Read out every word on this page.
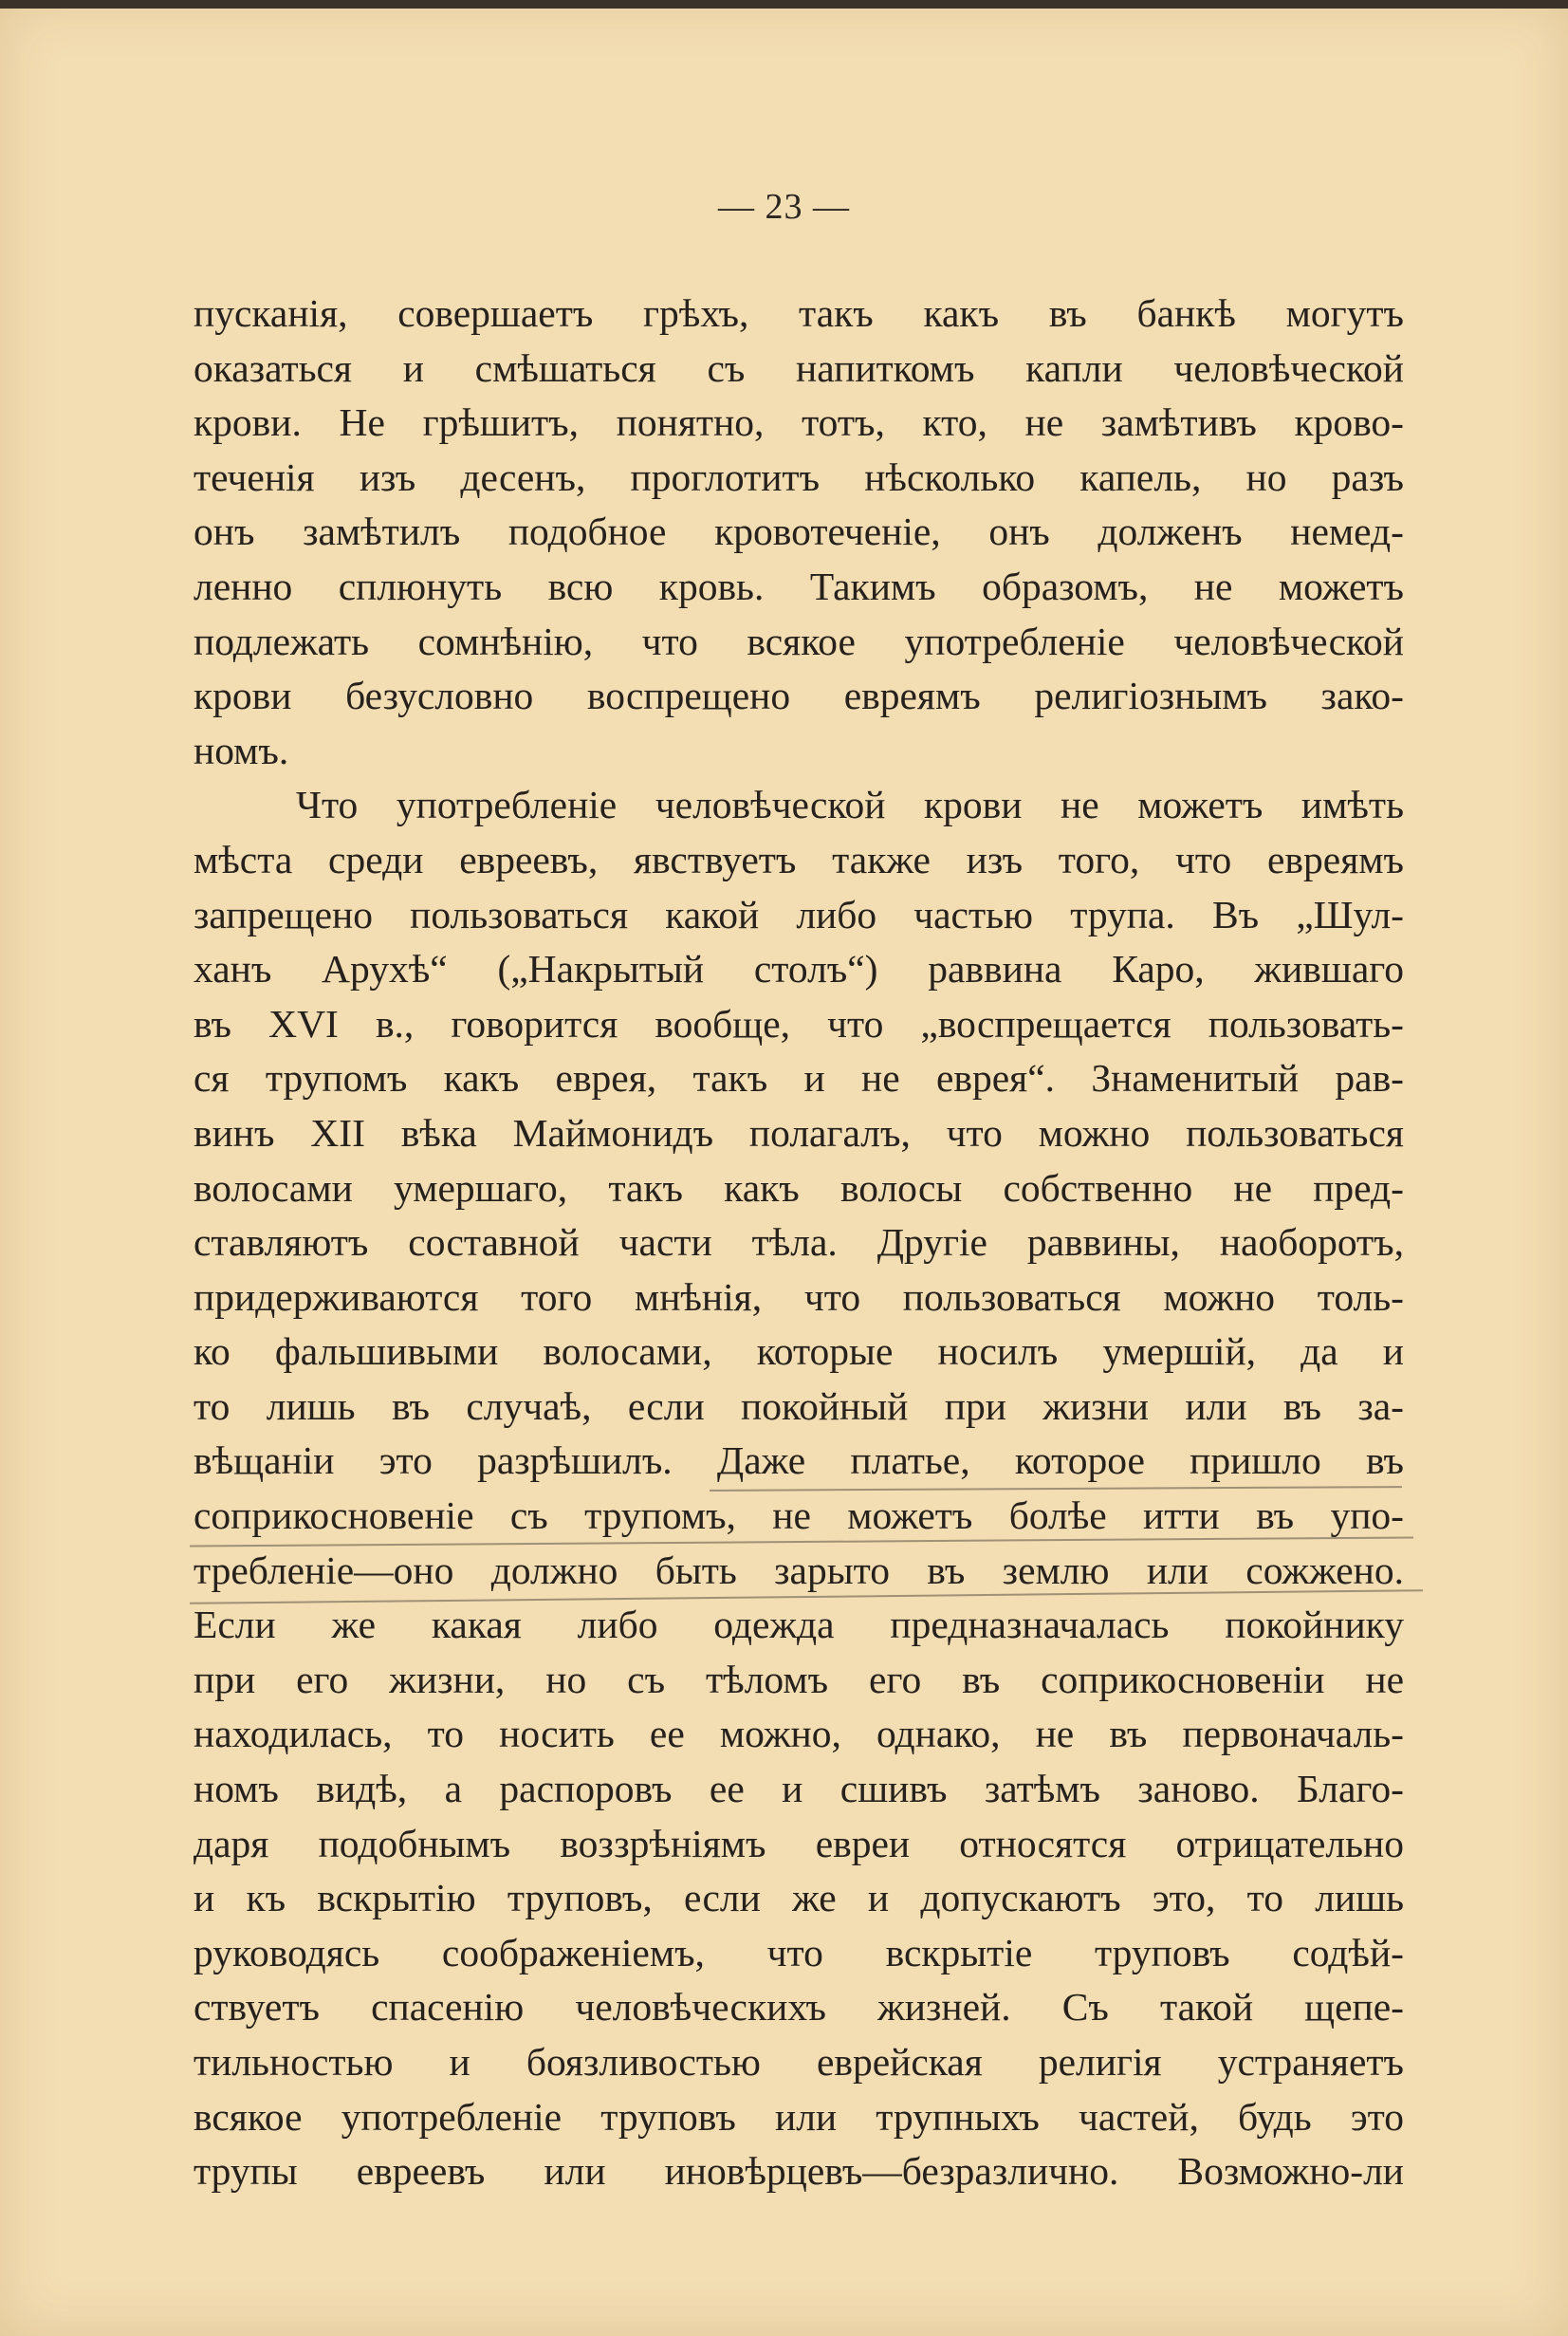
— 23 —
пусканія, совершаетъ грѣхъ, такъ какъ въ банкѣ могутъ
оказаться и смѣшаться съ напиткомъ капли человѣческой
крови. Не грѣшитъ, понятно, тотъ, кто, не замѣтивъ крово-
теченія изъ десенъ, проглотитъ нѣсколько капель, но разъ
онъ замѣтилъ подобное кровотеченіе, онъ долженъ немед-
ленно сплюнуть всю кровь. Такимъ образомъ, не можетъ
подлежать сомнѣнію, что всякое употребленіе человѣческой
крови безусловно воспрещено евреямъ религіознымъ зако-
номъ.
Что употребленіе человѣческой крови не можетъ имѣть
мѣста среди евреевъ, явствуетъ также изъ того, что евреямъ
запрещено пользоваться какой либо частью трупа. Въ „Шул-
ханъ Арухѣ“ („Накрытый столъ“) раввина Каро, жившаго
въ XVI в., говорится вообще, что „воспрещается пользовать-
ся трупомъ какъ еврея, такъ и не еврея“. Знаменитый рав-
винъ XII вѣка Маймонидъ полагалъ, что можно пользоваться
волосами умершаго, такъ какъ волосы собственно не пред-
ставляютъ составной части тѣла. Другіе раввины, наоборотъ,
придерживаются того мнѣнія, что пользоваться можно толь-
ко фальшивыми волосами, которые носилъ умершій, да и
то лишь въ случаѣ, если покойный при жизни или въ за-
вѣщаніи это разрѣшилъ. Даже платье, которое пришло въ
соприкосновеніе съ трупомъ, не можетъ болѣе итти въ упо-
требленіе—оно должно быть зарыто въ землю или сожжено.
Если же какая либо одежда предназначалась покойнику
при его жизни, но съ тѣломъ его въ соприкосновеніи не
находилась, то носить ее можно, однако, не въ первоначаль-
номъ видѣ, а распоровъ ее и сшивъ затѣмъ заново. Благо-
даря подобнымъ воззрѣніямъ евреи относятся отрицательно
и къ вскрытію труповъ, если же и допускаютъ это, то лишь
руководясь соображеніемъ, что вскрытіе труповъ содѣй-
ствуетъ спасенію человѣческихъ жизней. Съ такой щепе-
тильностью и боязливостью еврейская религія устраняетъ
всякое употребленіе труповъ или трупныхъ частей, будь это
трупы евреевъ или иновѣрцевъ—безразлично. Возможно-ли
